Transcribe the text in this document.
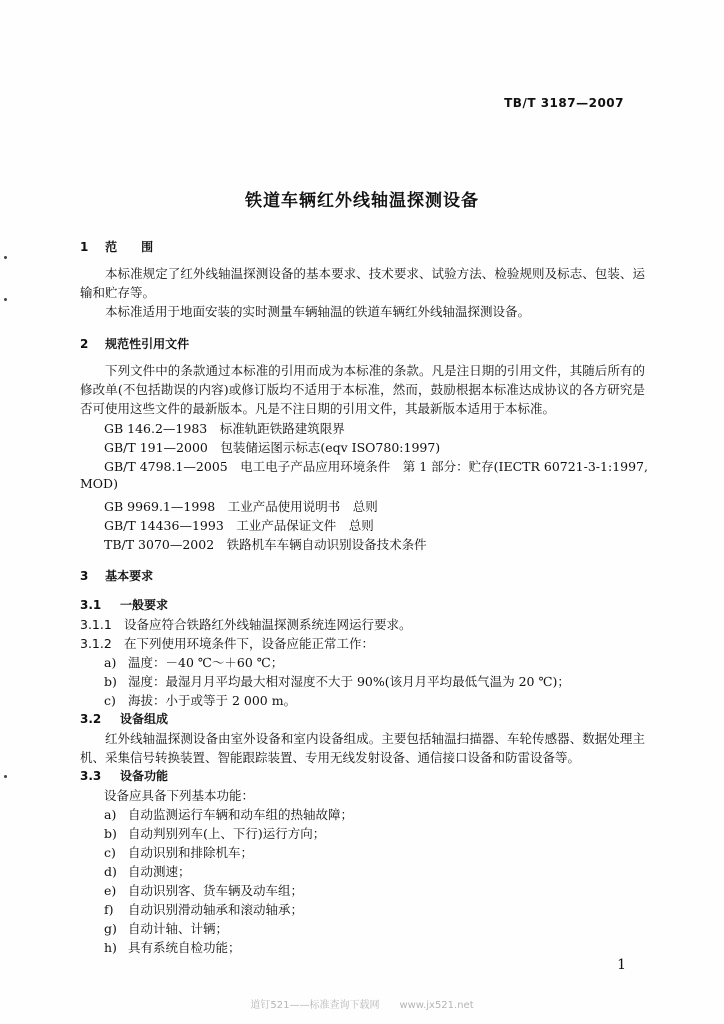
TB/T 3187—2007
铁道车辆红外线轴温探测设备
1 范　　围
本标准规定了红外线轴温探测设备的基本要求、技术要求、试验方法、检验规则及标志、包装、运输和贮存等。
本标准适用于地面安装的实时测量车辆轴温的铁道车辆红外线轴温探测设备。
2 规范性引用文件
下列文件中的条款通过本标准的引用而成为本标准的条款。凡是注日期的引用文件，其随后所有的修改单(不包括勘误的内容)或修订版均不适用于本标准，然而，鼓励根据本标准达成协议的各方研究是否可使用这些文件的最新版本。凡是不注日期的引用文件，其最新版本适用于本标准。
GB 146.2—1983　标准轨距铁路建筑限界
GB/T 191—2000　包装储运图示标志(eqv ISO780:1997)
GB/T 4798.1—2005　电工电子产品应用环境条件　第 1 部分：贮存(IECTR 60721-3-1:1997,
MOD)
GB 9969.1—1998　工业产品使用说明书　总则
GB/T 14436—1993　工业产品保证文件　总则
TB/T 3070—2002　铁路机车车辆自动识别设备技术条件
3 基本要求
3.1 一般要求
3.1.1 设备应符合铁路红外线轴温探测系统连网运行要求。
3.1.2 在下列使用环境条件下，设备应能正常工作：
a) 温度：－40 ℃～＋60 ℃；
b) 湿度：最湿月月平均最大相对湿度不大于 90%(该月月平均最低气温为 20 ℃)；
c) 海拔：小于或等于 2 000 m。
3.2 设备组成
红外线轴温探测设备由室外设备和室内设备组成。主要包括轴温扫描器、车轮传感器、数据处理主机、采集信号转换装置、智能跟踪装置、专用无线发射设备、通信接口设备和防雷设备等。
3.3 设备功能
设备应具备下列基本功能：
a) 自动监测运行车辆和动车组的热轴故障；
b) 自动判别列车(上、下行)运行方向；
c) 自动识别和排除机车；
d) 自动测速；
e) 自动识别客、货车辆及动车组；
f) 自动识别滑动轴承和滚动轴承；
g) 自动计轴、计辆；
h) 具有系统自检功能；
1
道钉521——标准查询下载网　　www.jx521.net
